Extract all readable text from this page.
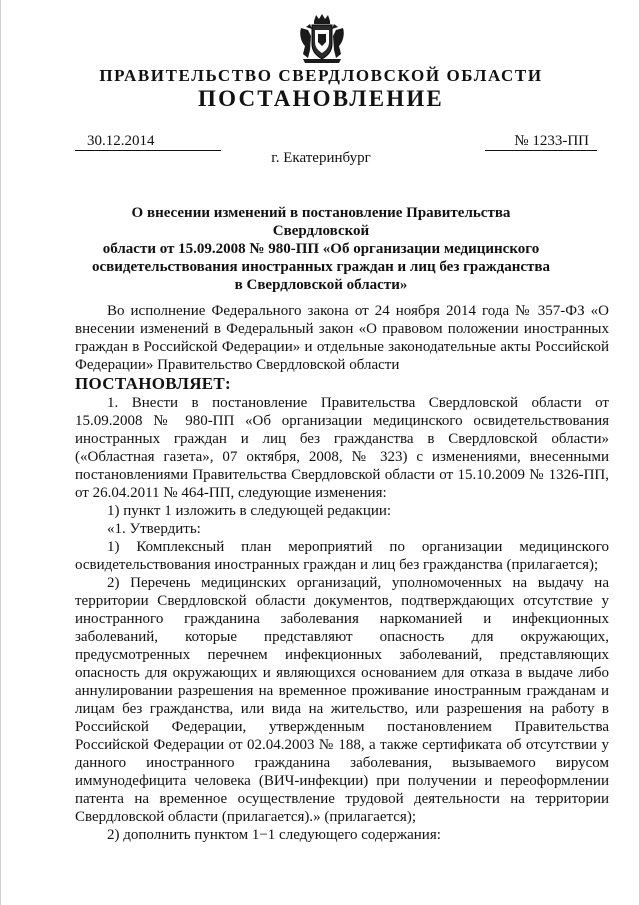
ПРАВИТЕЛЬСТВО СВЕРДЛОВСКОЙ ОБЛАСТИ
ПОСТАНОВЛЕНИЕ
30.12.2014	№ 1233-ПП
г. Екатеринбург
О внесении изменений в постановление Правительства Свердловской
области от 15.09.2008 № 980-ПП «Об организации медицинского
освидетельствования иностранных граждан и лиц без гражданства
в Свердловской области»

Во исполнение Федерального закона от 24 ноября 2014 года № 357-ФЗ «О внесении изменений в Федеральный закон «О правовом положении иностранных граждан в Российской Федерации» и отдельные законодательные акты Российской Федерации» Правительство Свердловской области

ПОСТАНОВЛЯЕТ:

1. Внести в постановление Правительства Свердловской области от 15.09.2008 № 980-ПП «Об организации медицинского освидетельствования иностранных граждан и лиц без гражданства в Свердловской области» («Областная газета», 07 октября, 2008, № 323) с изменениями, внесенными постановлениями Правительства Свердловской области от 15.10.2009 № 1326-ПП, от 26.04.2011 № 464-ПП, следующие изменения:

1) пункт 1 изложить в следующей редакции:

«1. Утвердить:

1) Комплексный план мероприятий по организации медицинского освидетельствования иностранных граждан и лиц без гражданства (прилагается);

2) Перечень медицинских организаций, уполномоченных на выдачу на территории Свердловской области документов, подтверждающих отсутствие у иностранного гражданина заболевания наркоманией и инфекционных заболеваний, которые представляют опасность для окружающих, предусмотренных перечнем инфекционных заболеваний, представляющих опасность для окружающих и являющихся основанием для отказа в выдаче либо аннулировании разрешения на временное проживание иностранным гражданам и лицам без гражданства, или вида на жительство, или разрешения на работу в Российской Федерации, утвержденным постановлением Правительства Российской Федерации от 02.04.2003 № 188, а также сертификата об отсутствии у данного иностранного гражданина заболевания, вызываемого вирусом иммунодефицита человека (ВИЧ-инфекции) при получении и переоформлении патента на временное осуществление трудовой деятельности на территории Свердловской области (прилагается).» (прилагается);

2) дополнить пунктом 1−1 следующего содержания:
